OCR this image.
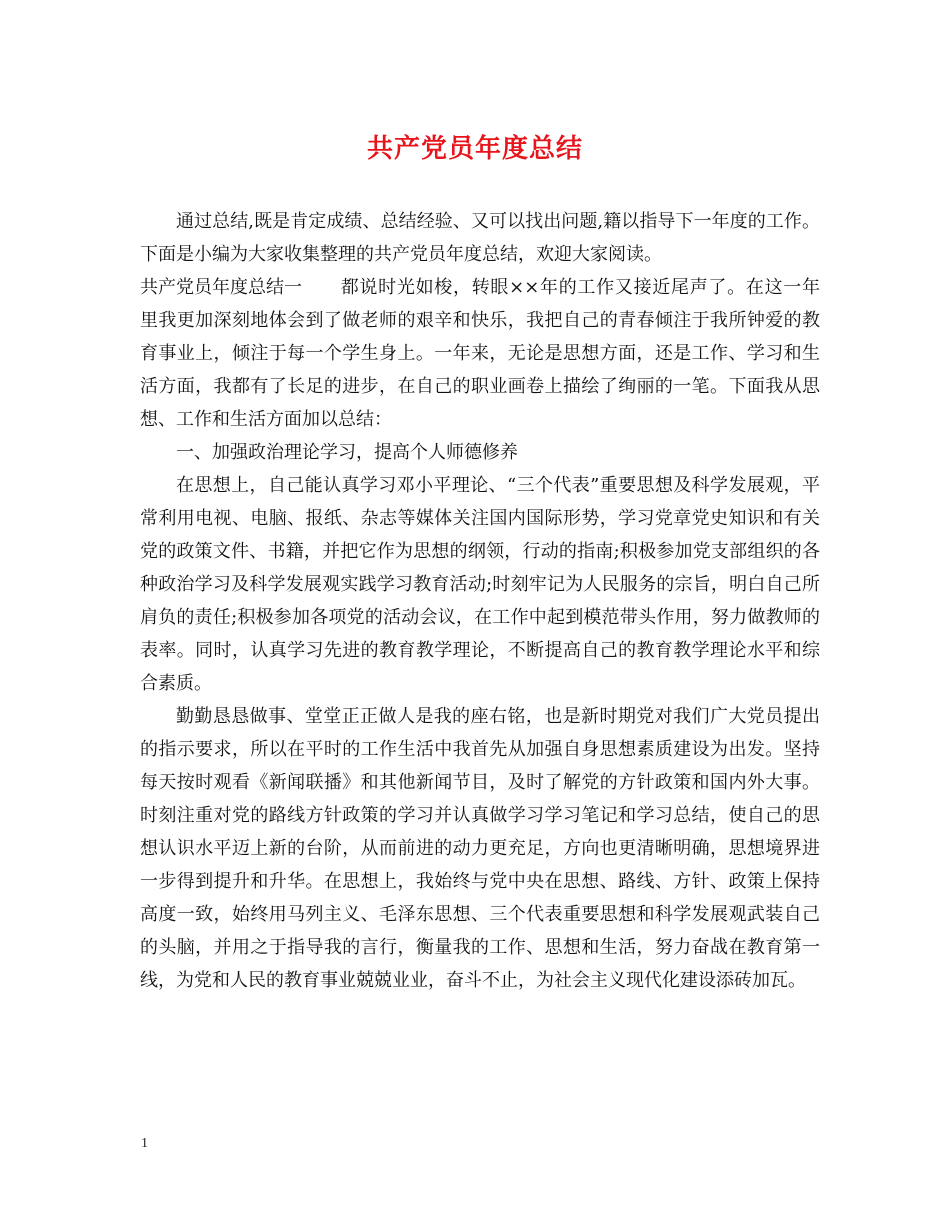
共产党员年度总结

通过总结,既是肯定成绩、总结经验、又可以找出问题,籍以指导下一年度的工作。下面是小编为大家收集整理的共产党员年度总结，欢迎大家阅读。

共产党员年度总结一 都说时光如梭，转眼××年的工作又接近尾声了。在这一年里我更加深刻地体会到了做老师的艰辛和快乐，我把自己的青春倾注于我所钟爱的教育事业上，倾注于每一个学生身上。一年来，无论是思想方面，还是工作、学习和生活方面，我都有了长足的进步，在自己的职业画卷上描绘了绚丽的一笔。下面我从思想、工作和生活方面加以总结：

一、加强政治理论学习，提高个人师德修养

在思想上，自己能认真学习邓小平理论、“三个代表”重要思想及科学发展观，平常利用电视、电脑、报纸、杂志等媒体关注国内国际形势，学习党章党史知识和有关党的政策文件、书籍，并把它作为思想的纲领，行动的指南;积极参加党支部组织的各种政治学习及科学发展观实践学习教育活动;时刻牢记为人民服务的宗旨，明白自己所肩负的责任;积极参加各项党的活动会议，在工作中起到模范带头作用，努力做教师的表率。同时，认真学习先进的教育教学理论，不断提高自己的教育教学理论水平和综合素质。

勤勤恳恳做事、堂堂正正做人是我的座右铭，也是新时期党对我们广大党员提出的指示要求，所以在平时的工作生活中我首先从加强自身思想素质建设为出发。坚持每天按时观看《新闻联播》和其他新闻节目，及时了解党的方针政策和国内外大事。时刻注重对党的路线方针政策的学习并认真做学习学习笔记和学习总结，使自己的思想认识水平迈上新的台阶，从而前进的动力更充足，方向也更清晰明确，思想境界进一步得到提升和升华。在思想上，我始终与党中央在思想、路线、方针、政策上保持高度一致，始终用马列主义、毛泽东思想、三个代表重要思想和科学发展观武装自己的头脑，并用之于指导我的言行，衡量我的工作、思想和生活，努力奋战在教育第一线，为党和人民的教育事业兢兢业业，奋斗不止，为社会主义现代化建设添砖加瓦。

1
